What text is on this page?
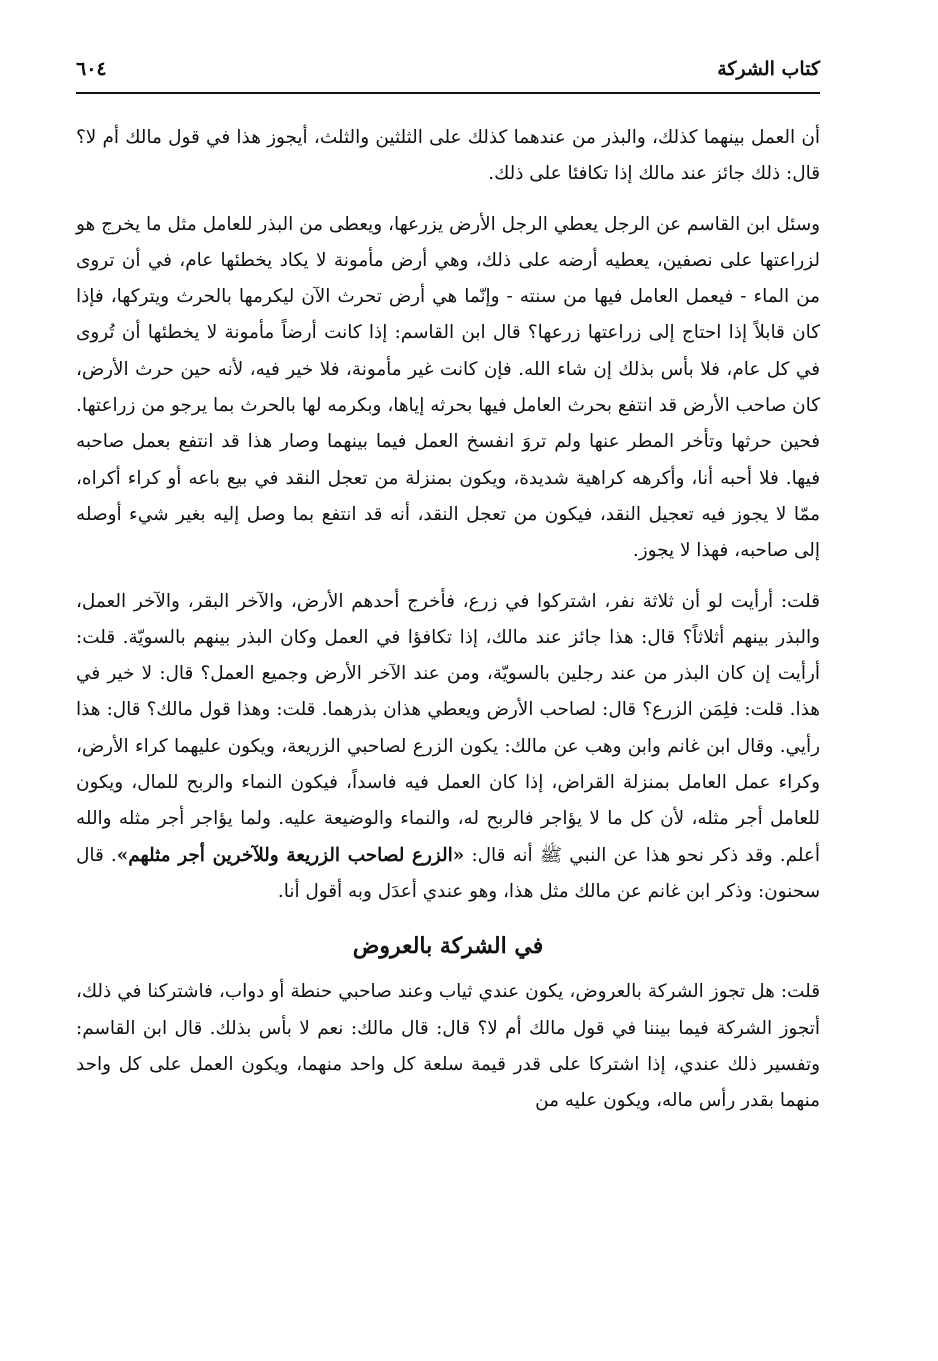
كتاب الشركة
٦٠٤

أن العمل بينهما كذلك، والبذر من عندهما كذلك على الثلثين والثلث، أيجوز هذا في قول مالك أم لا؟ قال: ذلك جائز عند مالك إذا تكافئا على ذلك.

وسئل ابن القاسم عن الرجل يعطي الرجل الأرض يزرعها، ويعطى من البذر للعامل مثل ما يخرج هو لزراعتها على نصفين، يعطيه أرضه على ذلك، وهي أرض مأمونة لا يكاد يخطئها عام، في أن تروى من الماء - فيعمل العامل فيها من سنته - وإنّما هي أرض تحرث الآن ليكرمها بالحرث ويتركها، فإذا كان قابلاً إذا احتاج إلى زراعتها زرعها؟ قال ابن القاسم: إذا كانت أرضاً مأمونة لا يخطئها أن تُروى في كل عام، فلا بأس بذلك إن شاء الله. فإن كانت غير مأمونة، فلا خير فيه، لأنه حين حرث الأرض، كان صاحب الأرض قد انتفع بحرث العامل فيها بحرثه إياها، وبكرمه لها بالحرث بما يرجو من زراعتها. فحين حرثها وتأخر المطر عنها ولم تروَ انفسخ العمل فيما بينهما وصار هذا قد انتفع بعمل صاحبه فيها. فلا أحبه أنا، وأكرهه كراهية شديدة، ويكون بمنزلة من تعجل النقد في بيع باعه أو كراء أكراه، ممّا لا يجوز فيه تعجيل النقد، فيكون من تعجل النقد، أنه قد انتفع بما وصل إليه بغير شيء أوصله إلى صاحبه، فهذا لا يجوز.

قلت: أرأيت لو أن ثلاثة نفر، اشتركوا في زرع، فأخرج أحدهم الأرض، والآخر البقر، والآخر العمل، والبذر بينهم أثلاثاً؟ قال: هذا جائز عند مالك، إذا تكافؤا في العمل وكان البذر بينهم بالسويّة. قلت: أرأيت إن كان البذر من عند رجلين بالسويّة، ومن عند الآخر الأرض وجميع العمل؟ قال: لا خير في هذا. قلت: فلِمَن الزرع؟ قال: لصاحب الأرض ويعطي هذان بذرهما. قلت: وهذا قول مالك؟ قال: هذا رأيي. وقال ابن غانم وابن وهب عن مالك: يكون الزرع لصاحبي الزريعة، ويكون عليهما كراء الأرض، وكراء عمل العامل بمنزلة القراض، إذا كان العمل فيه فاسداً، فيكون النماء والربح للمال، ويكون للعامل أجر مثله، لأن كل ما لا يؤاجر فالربح له، والنماء والوضيعة عليه. ولما يؤاجر أجر مثله والله أعلم. وقد ذكر نحو هذا عن النبي ﷺ أنه قال: «الزرع لصاحب الزريعة وللآخرين أجر مثلهم». قال سحنون: وذكر ابن غانم عن مالك مثل هذا، وهو عندي أعدَل وبه أقول أنا.

في الشركة بالعروض

قلت: هل تجوز الشركة بالعروض، يكون عندي ثياب وعند صاحبي حنطة أو دواب، فاشتركنا في ذلك، أتجوز الشركة فيما بيننا في قول مالك أم لا؟ قال: قال مالك: نعم لا بأس بذلك. قال ابن القاسم: وتفسير ذلك عندي، إذا اشتركا على قدر قيمة سلعة كل واحد منهما، ويكون العمل على كل واحد منهما بقدر رأس ماله، ويكون عليه من
